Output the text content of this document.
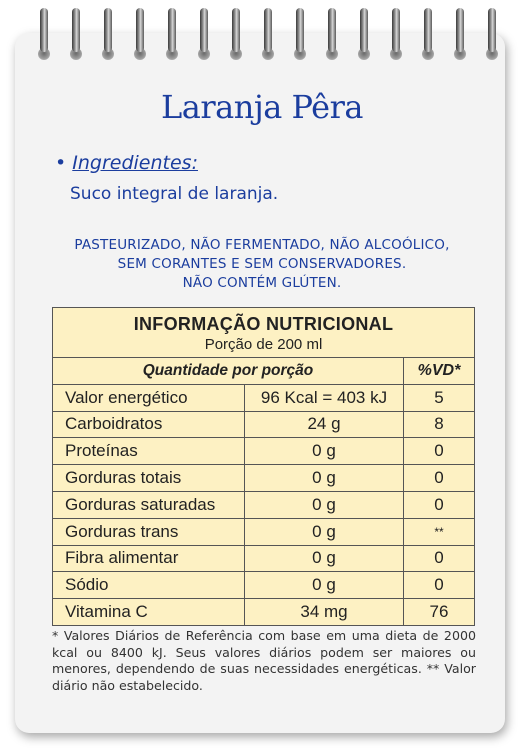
Laranja Pêra
• Ingredientes:
Suco integral de laranja.
PASTEURIZADO, NÃO FERMENTADO, NÃO ALCOÓLICO,
SEM CORANTES E SEM CONSERVADORES.
NÃO CONTÉM GLÚTEN.
INFORMAÇÃO NUTRICIONAL
Porção de 200 ml
Quantidade por porção	%VD*
Valor energético	96 Kcal = 403 kJ	5
Carboidratos	24 g	8
Proteínas	0 g	0
Gorduras totais	0 g	0
Gorduras saturadas	0 g	0
Gorduras trans	0 g	**
Fibra alimentar	0 g	0
Sódio	0 g	0
Vitamina C	34 mg	76
* Valores Diários de Referência com base em uma dieta de 2000 kcal ou 8400 kJ. Seus valores diários podem ser maiores ou menores, dependendo de suas necessidades energéticas. ** Valor diário não estabelecido.
